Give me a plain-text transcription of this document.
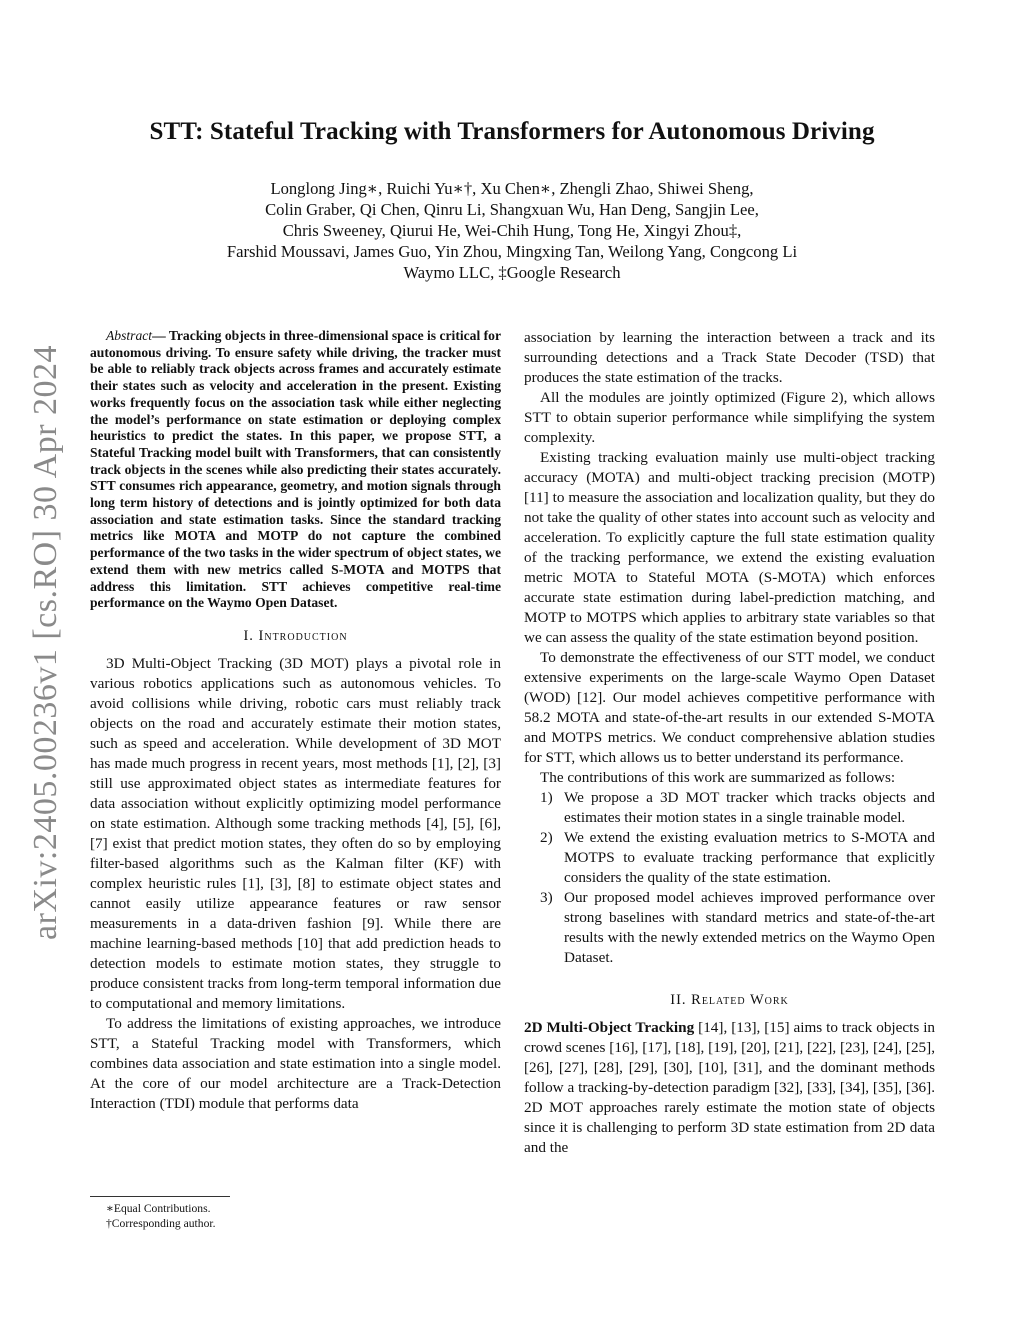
arXiv:2405.00236v1 [cs.RO] 30 Apr 2024
STT: Stateful Tracking with Transformers for Autonomous Driving
Longlong Jing∗, Ruichi Yu∗†, Xu Chen∗, Zhengli Zhao, Shiwei Sheng,
Colin Graber, Qi Chen, Qinru Li, Shangxuan Wu, Han Deng, Sangjin Lee,
Chris Sweeney, Qiurui He, Wei-Chih Hung, Tong He, Xingyi Zhou‡,
Farshid Moussavi, James Guo, Yin Zhou, Mingxing Tan, Weilong Yang, Congcong Li
Waymo LLC, ‡Google Research

Abstract— Tracking objects in three-dimensional space is critical for autonomous driving. To ensure safety while driving, the tracker must be able to reliably track objects across frames and accurately estimate their states such as velocity and acceleration in the present. Existing works frequently focus on the association task while either neglecting the model’s performance on state estimation or deploying complex heuristics to predict the states. In this paper, we propose STT, a Stateful Tracking model built with Transformers, that can consistently track objects in the scenes while also predicting their states accurately. STT consumes rich appearance, geometry, and motion signals through long term history of detections and is jointly optimized for both data association and state estimation tasks. Since the standard tracking metrics like MOTA and MOTP do not capture the combined performance of the two tasks in the wider spectrum of object states, we extend them with new metrics called S-MOTA and MOTPS that address this limitation. STT achieves competitive real-time performance on the Waymo Open Dataset.

I. Introduction

3D Multi-Object Tracking (3D MOT) plays a pivotal role in various robotics applications such as autonomous vehicles. To avoid collisions while driving, robotic cars must reliably track objects on the road and accurately estimate their motion states, such as speed and acceleration. While development of 3D MOT has made much progress in recent years, most methods [1], [2], [3] still use approximated object states as intermediate features for data association without explicitly optimizing model performance on state estimation. Although some tracking methods [4], [5], [6], [7] exist that predict motion states, they often do so by employing filter-based algorithms such as the Kalman filter (KF) with complex heuristic rules [1], [3], [8] to estimate object states and cannot easily utilize appearance features or raw sensor measurements in a data-driven fashion [9]. While there are machine learning-based methods [10] that add prediction heads to detection models to estimate motion states, they struggle to produce consistent tracks from long-term temporal information due to computational and memory limitations.

To address the limitations of existing approaches, we introduce STT, a Stateful Tracking model with Transformers, which combines data association and state estimation into a single model. At the core of our model architecture are a Track-Detection Interaction (TDI) module that performs data

∗Equal Contributions.
†Corresponding author.

association by learning the interaction between a track and its surrounding detections and a Track State Decoder (TSD) that produces the state estimation of the tracks.

All the modules are jointly optimized (Figure 2), which allows STT to obtain superior performance while simplifying the system complexity.

Existing tracking evaluation mainly use multi-object tracking accuracy (MOTA) and multi-object tracking precision (MOTP) [11] to measure the association and localization quality, but they do not take the quality of other states into account such as velocity and acceleration. To explicitly capture the full state estimation quality of the tracking performance, we extend the existing evaluation metric MOTA to Stateful MOTA (S-MOTA) which enforces accurate state estimation during label-prediction matching, and MOTP to MOTPS which applies to arbitrary state variables so that we can assess the quality of the state estimation beyond position.

To demonstrate the effectiveness of our STT model, we conduct extensive experiments on the large-scale Waymo Open Dataset (WOD) [12]. Our model achieves competitive performance with 58.2 MOTA and state-of-the-art results in our extended S-MOTA and MOTPS metrics. We conduct comprehensive ablation studies for STT, which allows us to better understand its performance.

The contributions of this work are summarized as follows:

1) We propose a 3D MOT tracker which tracks objects and estimates their motion states in a single trainable model.
2) We extend the existing evaluation metrics to S-MOTA and MOTPS to evaluate tracking performance that explicitly considers the quality of the state estimation.
3) Our proposed model achieves improved performance over strong baselines with standard metrics and state-of-the-art results with the newly extended metrics on the Waymo Open Dataset.
II. Related Work

2D Multi-Object Tracking [14], [13], [15] aims to track objects in crowd scenes [16], [17], [18], [19], [20], [21], [22], [23], [24], [25], [26], [27], [28], [29], [30], [10], [31], and the dominant methods follow a tracking-by-detection paradigm [32], [33], [34], [35], [36]. 2D MOT approaches rarely estimate the motion state of objects since it is challenging to perform 3D state estimation from 2D data and the
